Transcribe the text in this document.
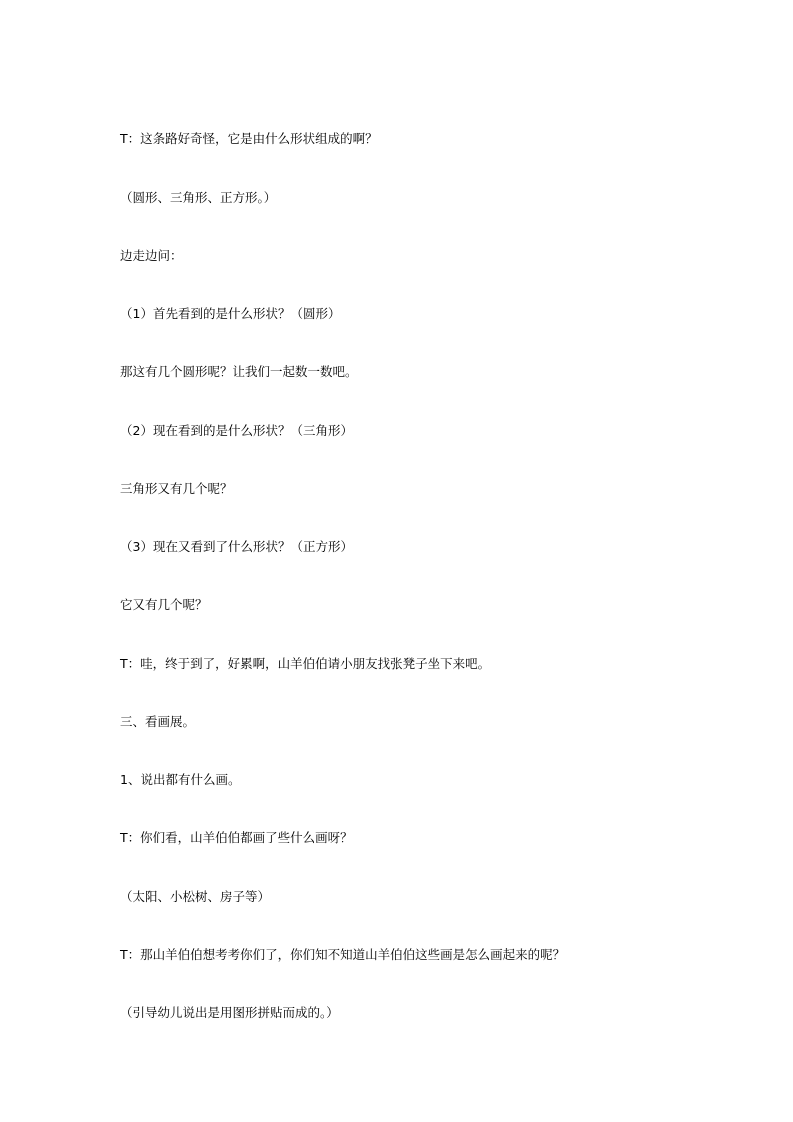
T：这条路好奇怪，它是由什么形状组成的啊？

（圆形、三角形、正方形。）

边走边问：

（1）首先看到的是什么形状？（圆形）

那这有几个圆形呢？让我们一起数一数吧。

（2）现在看到的是什么形状？（三角形）

三角形又有几个呢？

（3）现在又看到了什么形状？（正方形）

它又有几个呢？

T：哇，终于到了，好累啊，山羊伯伯请小朋友找张凳子坐下来吧。

三、看画展。

1、说出都有什么画。

T：你们看，山羊伯伯都画了些什么画呀？

（太阳、小松树、房子等）

T：那山羊伯伯想考考你们了，你们知不知道山羊伯伯这些画是怎么画起来的呢？

（引导幼儿说出是用图形拼贴而成的。）
